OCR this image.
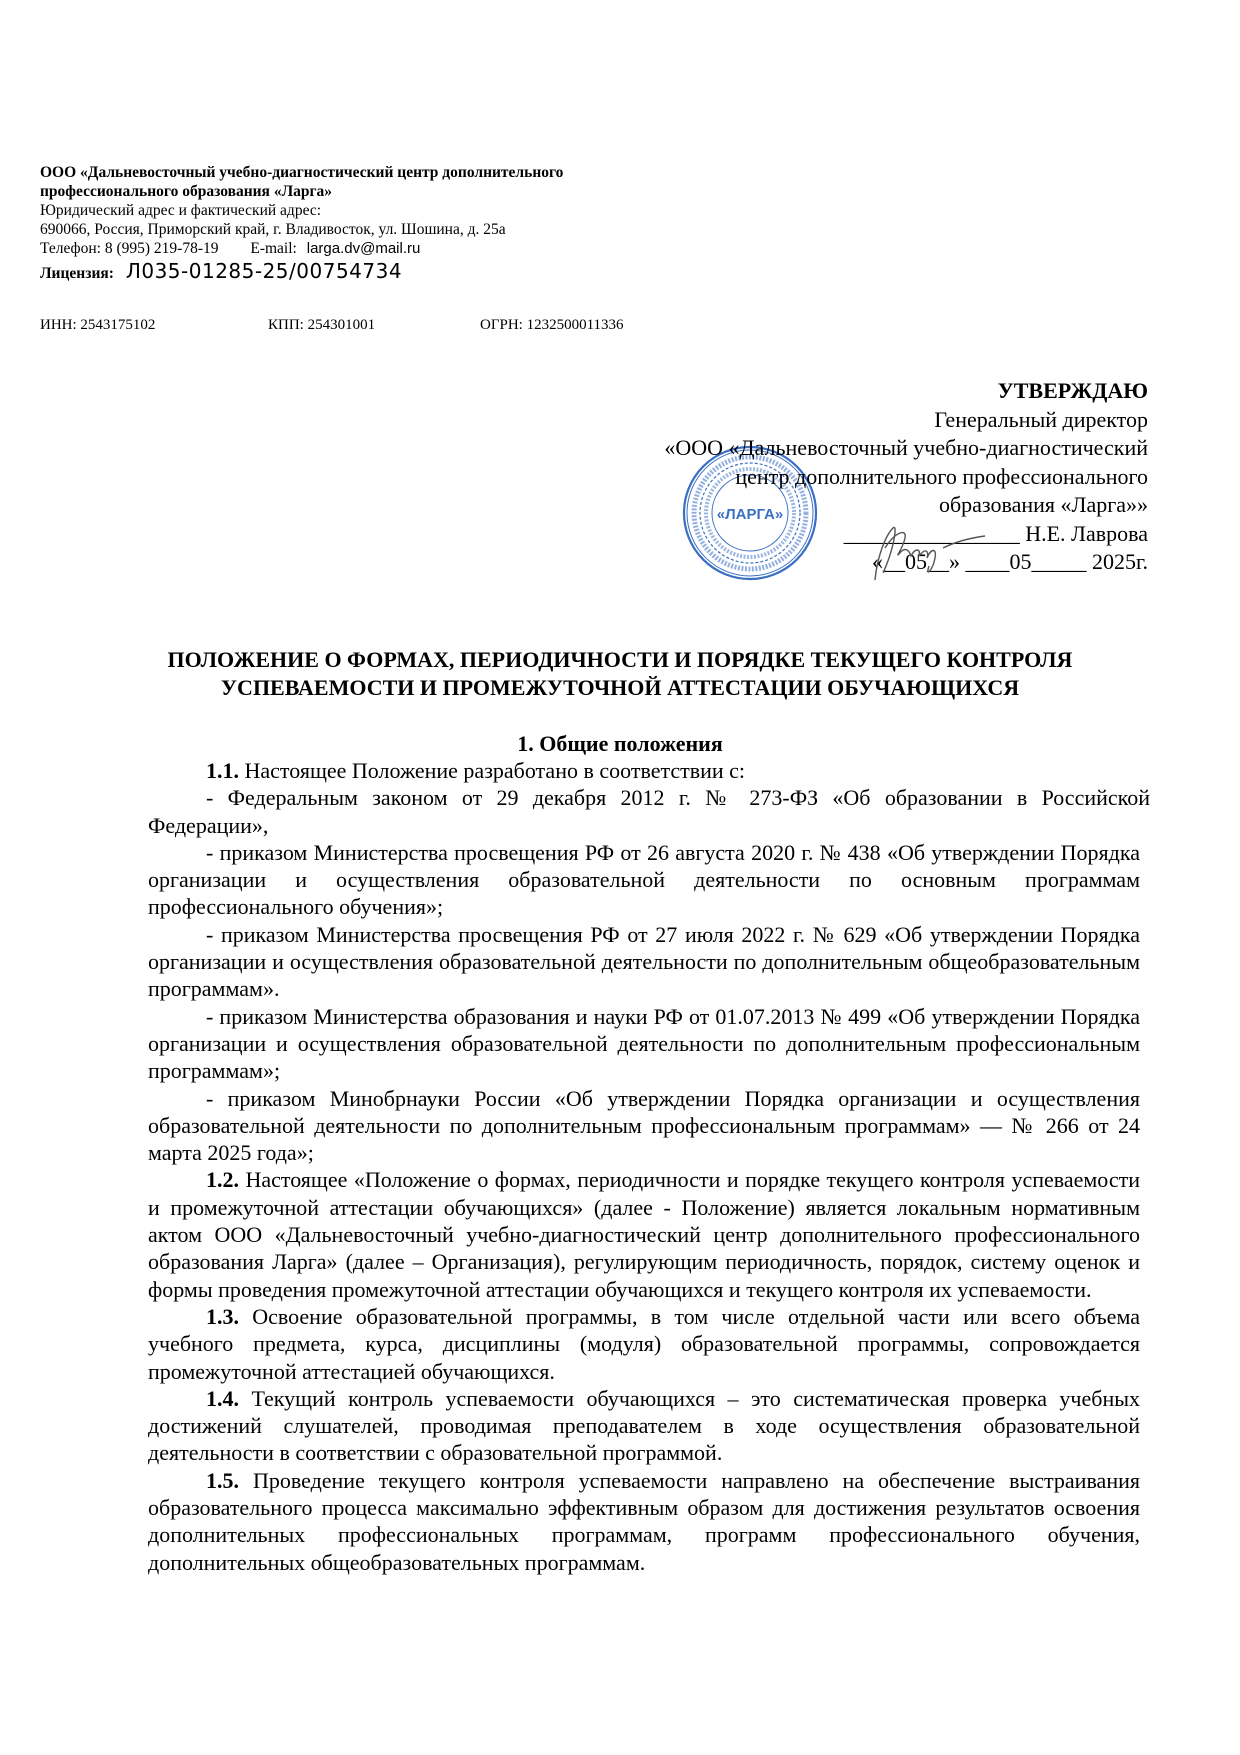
ООО «Дальневосточный учебно-диагностический центр дополнительного
профессионального образования «Ларга»
Юридический адрес и фактический адрес:
690066, Россия, Приморский край, г. Владивосток, ул. Шошина, д. 25а
Телефон: 8 (995) 219-78-19 E-mail: larga.dv@mail.ru
Лицензия: Л035-01285-25/00754734
ИНН: 2543175102	КПП: 254301001	ОГРН: 1232500011336
«ЛАРГА»
УТВЕРЖДАЮ
Генеральный директор
«ООО «Дальневосточный учебно-диагностический
центр дополнительного профессионального
образования «Ларга»»
________________ Н.Е. Лаврова
«__05__» ____05_____ 2025г.
ПОЛОЖЕНИЕ О ФОРМАХ, ПЕРИОДИЧНОСТИ И ПОРЯДКЕ ТЕКУЩЕГО КОНТРОЛЯ УСПЕВАЕМОСТИ И ПРОМЕЖУТОЧНОЙ АТТЕСТАЦИИ ОБУЧАЮЩИХСЯ
1. Общие положения

1.1. Настоящее Положение разработано в соответствии с:

- Федеральным законом от 29 декабря 2012 г. № 273-ФЗ «Об образовании в Российской Федерации»,

- приказом Министерства просвещения РФ от 26 августа 2020 г. № 438 «Об утверждении Порядка организации и осуществления образовательной деятельности по основным программам профессионального обучения»;

- приказом Министерства просвещения РФ от 27 июля 2022 г. № 629 «Об утверждении Порядка организации и осуществления образовательной деятельности по дополнительным общеобразовательным программам».

- приказом Министерства образования и науки РФ от 01.07.2013 № 499 «Об утверждении Порядка организации и осуществления образовательной деятельности по дополнительным профессиональным программам»;

- приказом Минобрнауки России «Об утверждении Порядка организации и осуществления образовательной деятельности по дополнительным профессиональным программам» — № 266 от 24 марта 2025 года»;

1.2. Настоящее «Положение о формах, периодичности и порядке текущего контроля успеваемости и промежуточной аттестации обучающихся» (далее - Положение) является локальным нормативным актом ООО «Дальневосточный учебно-диагностический центр дополнительного профессионального образования Ларга» (далее – Организация), регулирующим периодичность, порядок, систему оценок и формы проведения промежуточной аттестации обучающихся и текущего контроля их успеваемости.

1.3. Освоение образовательной программы, в том числе отдельной части или всего объема учебного предмета, курса, дисциплины (модуля) образовательной программы, сопровождается промежуточной аттестацией обучающихся.

1.4. Текущий контроль успеваемости обучающихся – это систематическая проверка учебных достижений слушателей, проводимая преподавателем в ходе осуществления образовательной деятельности в соответствии с образовательной программой.

1.5. Проведение текущего контроля успеваемости направлено на обеспечение выстраивания образовательного процесса максимально эффективным образом для достижения результатов освоения дополнительных профессиональных программам, программ профессионального обучения, дополнительных общеобразовательных программам.
